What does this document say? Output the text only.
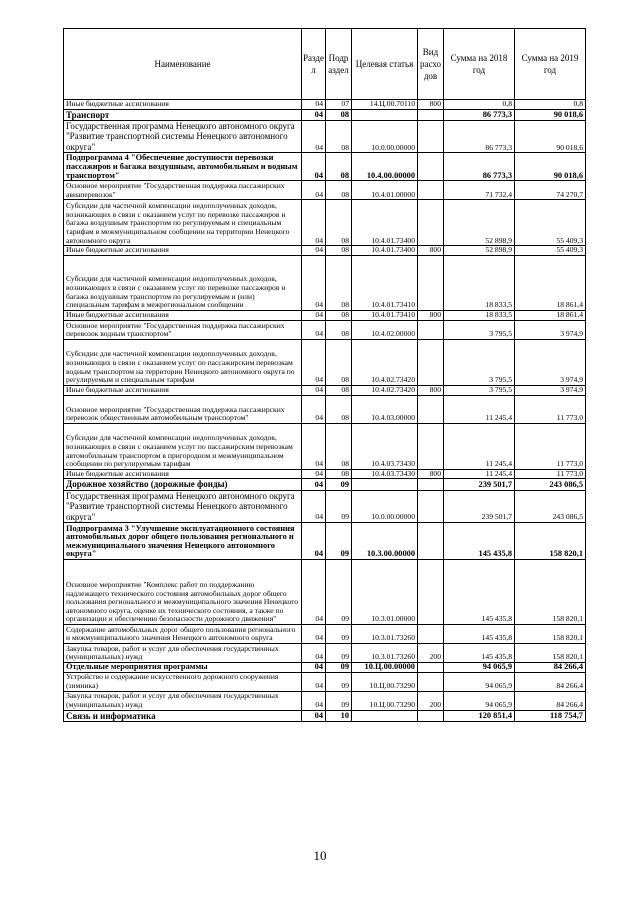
Наименование	Разде л	Подр аздел	Целевая статья	Вид расхо дов	Сумма на 2018 год	Сумма на 2019 год
Иные бюджетные ассигнования	04	07	14.Ц.00.70110	800	0,8	0,8
Транспорт	04	08			86 773,3	90 018,6
Государственная программа Ненецкого автономного округа "Развитие транспортной системы Ненецкого автономного округа"	04	08	10.0.00.00000		86 773,3	90 018,6
Подпрограмма 4 "Обеспечение доступности перевозки пассажиров и багажа воздушным, автомобильным и водным транспортом"	04	08	10.4.00.00000		86 773,3	90 018,6
Основное мероприятие "Государственная поддержка пассажирских авиаперевозок"	04	08	10.4.01.00000		71 732,4	74 270,7
Субсидии для частичной компенсации недополученных доходов, возникающих в связи с оказанием услуг по перевозке пассажиров и багажа воздушным транспортом по регулируемым и специальным тарифам в межмуниципальном сообщении на территории Ненецкого автономного округа	04	08	10.4.01.73400		52 898,9	55 409,3
Иные бюджетные ассигнования	04	08	10.4.01.73400	800	52 898,9	55 409,3
Субсидии для частичной компенсации недополученных доходов, возникающих в связи с оказанием услуг по перевозке пассажиров и багажа воздушным транспортом по регулируемым и (или) специальным тарифам в межрегиональном сообщении	04	08	10.4.01.73410		18 833,5	18 861,4
Иные бюджетные ассигнования	04	08	10.4.01.73410	800	18 833,5	18 861,4
Основное мероприятие "Государственная поддержка пассажирских перевозок водным транспортом"	04	08	10.4.02.00000		3 795,5	3 974,9
Субсидии для частичной компенсации недополученных доходов, возникающих в связи с оказанием услуг по пассажирским перевозкам водным транспортом на территории Ненецкого автономного округа по регулируемым и специальным тарифам	04	08	10.4.02.73420		3 795,5	3 974,9
Иные бюджетные ассигнования	04	08	10.4.02.73420	800	3 795,5	3 974,9
Основное мероприятие "Государственная поддержка пассажирских перевозок общественным автомобильным транспортом"	04	08	10.4.03.00000		11 245,4	11 773,0
Субсидии для частичной компенсации недополученных доходов, возникающих в связи с оказанием услуг по пассажирским перевозкам автомобильным транспортом в пригородном и межмуниципальном сообщении по регулируемым тарифам	04	08	10.4.03.73430		11 245,4	11 773,0
Иные бюджетные ассигнования	04	08	10.4.03.73430	800	11 245,4	11 773,0
Дорожное хозяйство (дорожные фонды)	04	09			239 501,7	243 086,5
Государственная программа Ненецкого автономного округа "Развитие транспортной системы Ненецкого автономного округа"	04	09	10.0.00.00000		239 501,7	243 086,5
Подпрограмма 3 "Улучшение эксплуатационного состояния автомобильных дорог общего пользования регионального и межмуниципального значения Ненецкого автономного округа"	04	09	10.3.00.00000		145 435,8	158 820,1
Основное мероприятие "Комплекс работ по поддержанию надлежащего технического состояния автомобильных дорог общего пользования регионального и межмуниципального значения Ненецкого автономного округа, оценке их технического состояния, а также по организации и обеспечению безопасности дорожного движения"	04	09	10.3.01.00000		145 435,8	158 820,1
Содержание автомобильных дорог общего пользования регионального и межмуниципального значения Ненецкого автономного округа	04	09	10.3.01.73260		145 435,8	158 820,1
Закупка товаров, работ и услуг для обеспечения государственных (муниципальных) нужд	04	09	10.3.01.73260	200	145 435,8	158 820,1
Отдельные мероприятия программы	04	09	10.Ц.00.00000		94 065,9	84 266,4
Устройство и содержание искусственного дорожного сооружения (зимника)	04	09	10.Ц.00.73290		94 065,9	84 266,4
Закупка товаров, работ и услуг для обеспечения государственных (муниципальных) нужд	04	09	10.Ц.00.73290	200	94 065,9	84 266,4
Связь и информатика	04	10			120 851,4	118 754,7
10
